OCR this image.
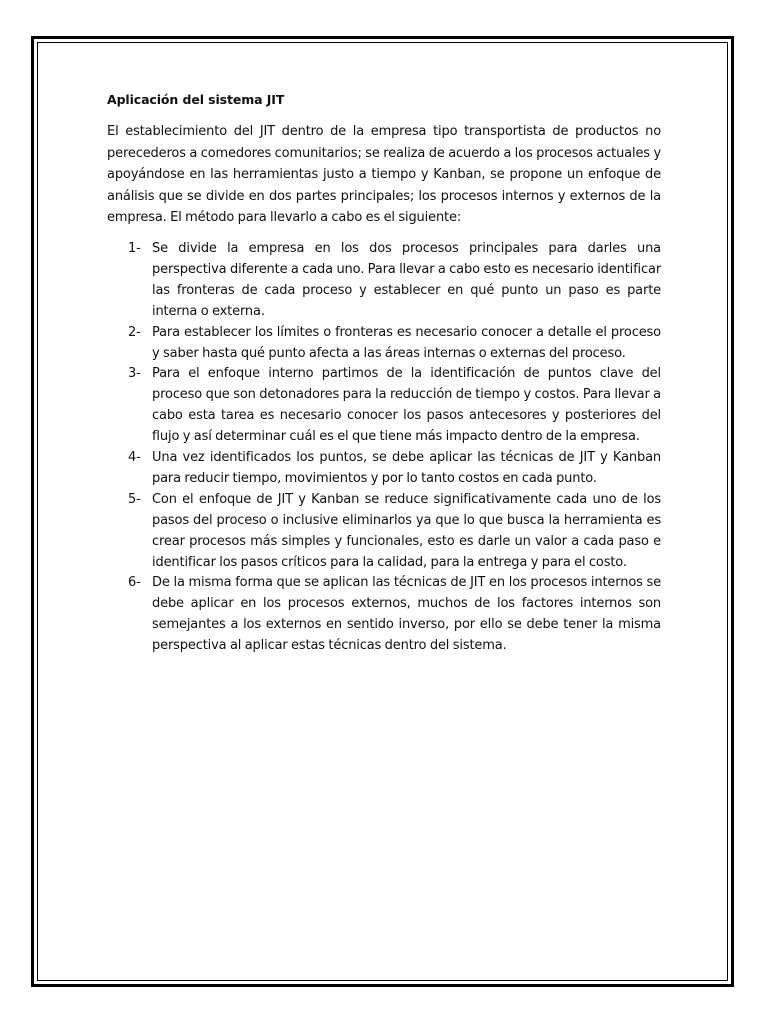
Aplicación del sistema JIT

El establecimiento del JIT dentro de la empresa tipo transportista de productos no perecederos a comedores comunitarios; se realiza de acuerdo a los procesos actuales y apoyándose en las herramientas justo a tiempo y Kanban, se propone un enfoque de análisis que se divide en dos partes principales; los procesos internos y externos de la empresa. El método para llevarlo a cabo es el siguiente:

1- Se divide la empresa en los dos procesos principales para darles una perspectiva diferente a cada uno. Para llevar a cabo esto es necesario identificar las fronteras de cada proceso y establecer en qué punto un paso es parte interna o externa.
2- Para establecer los límites o fronteras es necesario conocer a detalle el proceso y saber hasta qué punto afecta a las áreas internas o externas del proceso.
3- Para el enfoque interno partimos de la identificación de puntos clave del proceso que son detonadores para la reducción de tiempo y costos. Para llevar a cabo esta tarea es necesario conocer los pasos antecesores y posteriores del flujo y así determinar cuál es el que tiene más impacto dentro de la empresa.
4- Una vez identificados los puntos, se debe aplicar las técnicas de JIT y Kanban para reducir tiempo, movimientos y por lo tanto costos en cada punto.
5- Con el enfoque de JIT y Kanban se reduce significativamente cada uno de los pasos del proceso o inclusive eliminarlos ya que lo que busca la herramienta es crear procesos más simples y funcionales, esto es darle un valor a cada paso e identificar los pasos críticos para la calidad, para la entrega y para el costo.
6- De la misma forma que se aplican las técnicas de JIT en los procesos internos se debe aplicar en los procesos externos, muchos de los factores internos son semejantes a los externos en sentido inverso, por ello se debe tener la misma perspectiva al aplicar estas técnicas dentro del sistema.
